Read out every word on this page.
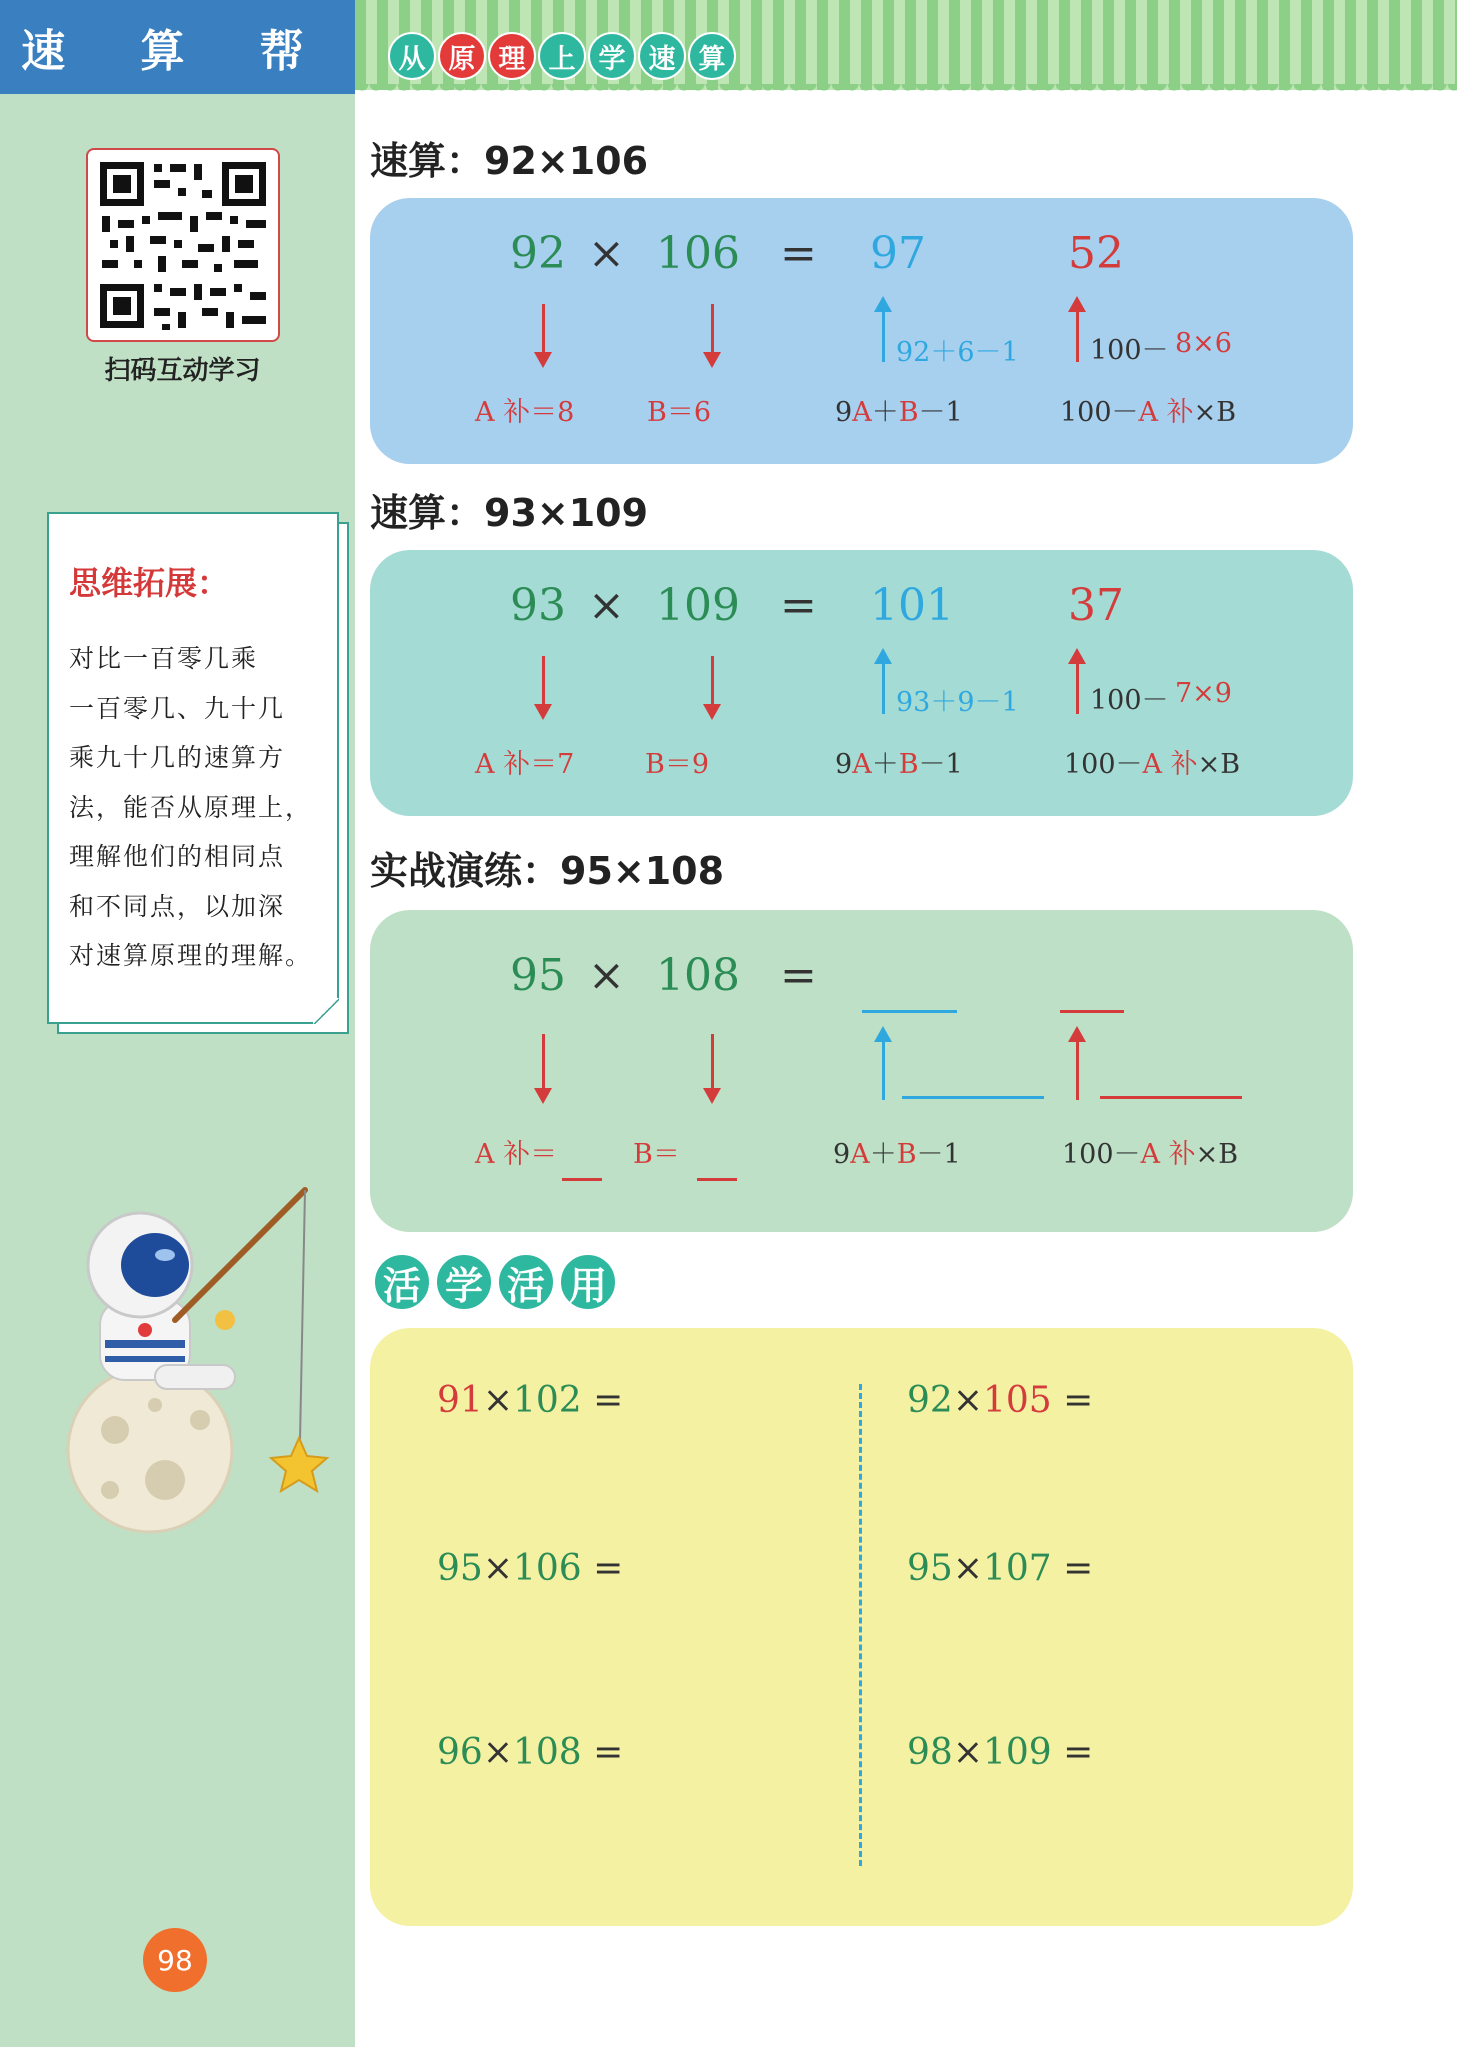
速 算 帮	从 原 理 上 学 速 算
扫码互动学习
思维拓展：
对比一百零几乘
一百零几、九十几
乘九十几的速算方
法，能否从原理上，
理解他们的相同点
和不同点，以加深
对速算原理的理解。
98
速算：92×106
92 × 106 = 97	52
92＋6－1	100－ 8×6
A 补＝8	B＝6	9A＋B－1	100－A 补×B
速算：93×109
93 × 109 = 101	37
93＋9－1	100－ 7×9
A 补＝7	B＝9	9A＋B－1	100－A 补×B
实战演练：95×108
95 × 108 =
A 补＝	B＝	9A＋B－1	100－A 补×B
活 学 活 用
91×102 =	92×105 =
95×106 =	95×107 =
96×108 =	98×109 =
